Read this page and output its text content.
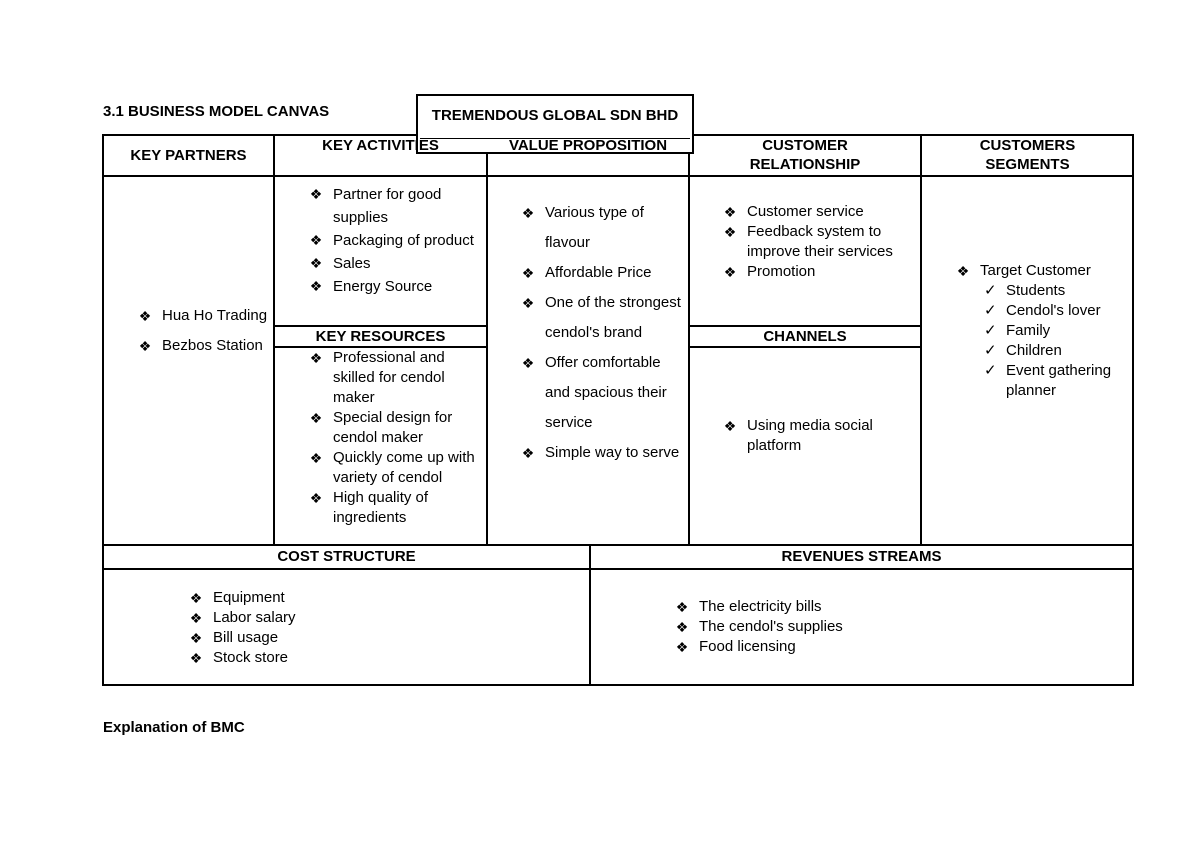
3.1 BUSINESS MODEL CANVAS	TREMENDOUS GLOBAL SDN BHD
KEY PARTNERS
KEY ACTIVITIES	VALUE PROPOSITION	CUSTOMER RELATIONSHIP
CUSTOMERS SEGMENTS
KEY RESOURCES	CHANNELS
COST STRUCTURE	REVENUES STREAMS
❖ Hua Ho Trading
❖ Bezbos Station
❖ Partner for good supplies
❖ Packaging of product
❖ Sales
❖ Energy Source
❖ Professional and skilled for cendol maker
❖ Special design for cendol maker
❖ Quickly come up with variety of cendol
❖ High quality of ingredients
❖ Various type of flavour
❖ Affordable Price
❖ One of the strongest cendol's brand
❖ Offer comfortable and spacious their service
❖ Simple way to serve
❖ Customer service
❖ Feedback system to improve their services
❖ Promotion
❖ Using media social platform
❖ Target Customer
✓ Students
✓ Cendol's lover
✓ Family
✓ Children
✓ Event gathering planner
❖ Equipment
❖ Labor salary
❖ Bill usage
❖ Stock store
❖ The electricity bills
❖ The cendol's supplies
❖ Food licensing
Explanation of BMC
